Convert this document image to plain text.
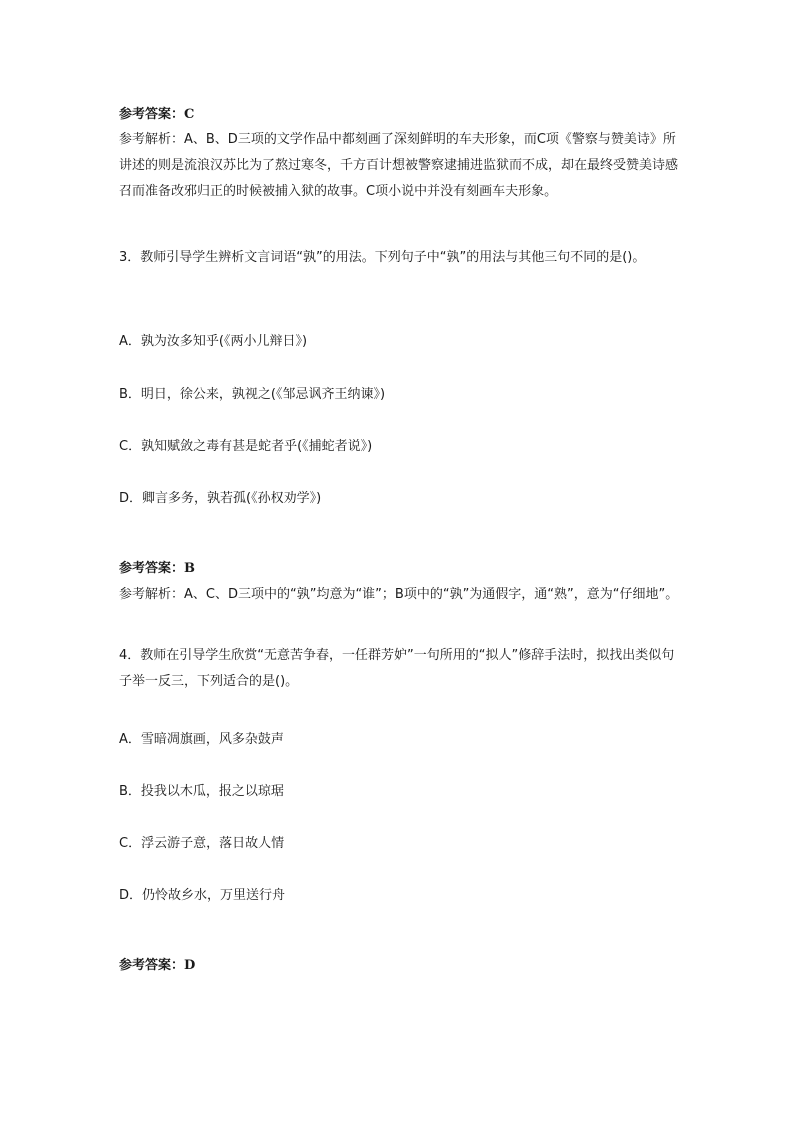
参考答案：C

参考解析：A、B、D三项的文学作品中都刻画了深刻鲜明的车夫形象，而C项《警察与赞美诗》所讲述的则是流浪汉苏比为了熬过寒冬，千方百计想被警察逮捕进监狱而不成，却在最终受赞美诗感召而准备改邪归正的时候被捕入狱的故事。C项小说中并没有刻画车夫形象。

3．教师引导学生辨析文言词语“孰”的用法。下列句子中“孰”的用法与其他三句不同的是()。

A．孰为汝多知乎(《两小儿辩日》)
B．明日，徐公来，孰视之(《邹忌讽齐王纳谏》)
C．孰知赋敛之毒有甚是蛇者乎(《捕蛇者说》)
D．卿言多务，孰若孤(《孙权劝学》)
参考答案：B

参考解析：A、C、D三项中的“孰”均意为“谁”；B项中的“孰”为通假字，通“熟”，意为“仔细地”。

4．教师在引导学生欣赏“无意苦争春，一任群芳妒”一句所用的“拟人”修辞手法时，拟找出类似句子举一反三，下列适合的是()。

A．雪暗凋旗画，风多杂鼓声
B．投我以木瓜，报之以琼琚
C．浮云游子意，落日故人情
D．仍怜故乡水，万里送行舟
参考答案：D
